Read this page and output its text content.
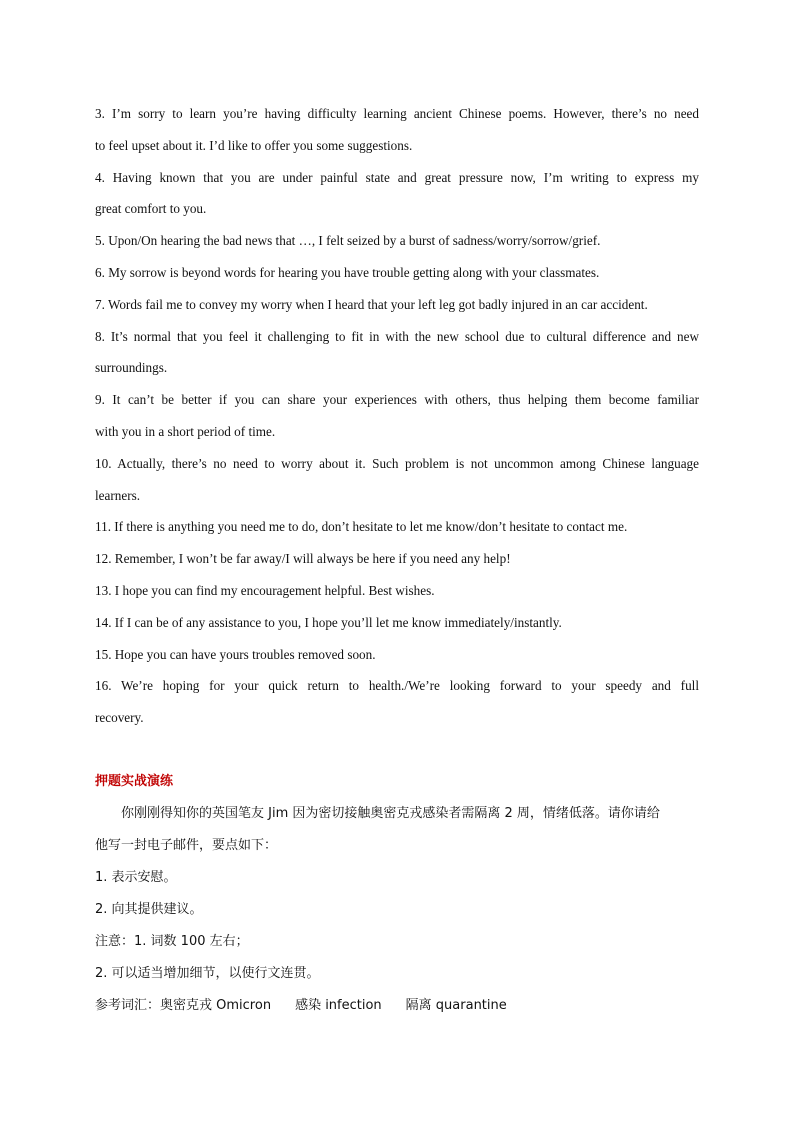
3. I’m sorry to learn you’re having difficulty learning ancient Chinese poems. However, there’s no need
to feel upset about it. I’d like to offer you some suggestions.
4. Having known that you are under painful state and great pressure now, I’m writing to express my
great comfort to you.
5. Upon/On hearing the bad news that …, I felt seized by a burst of sadness/worry/sorrow/grief.
6. My sorrow is beyond words for hearing you have trouble getting along with your classmates.
7. Words fail me to convey my worry when I heard that your left leg got badly injured in an car accident.
8. It’s normal that you feel it challenging to fit in with the new school due to cultural difference and new
surroundings.
9. It can’t be better if you can share your experiences with others, thus helping them become familiar
with you in a short period of time.
10. Actually, there’s no need to worry about it. Such problem is not uncommon among Chinese language
learners.
11. If there is anything you need me to do, don’t hesitate to let me know/don’t hesitate to contact me.
12. Remember, I won’t be far away/I will always be here if you need any help!
13. I hope you can find my encouragement helpful. Best wishes.
14. If I can be of any assistance to you, I hope you’ll let me know immediately/instantly.
15. Hope you can have yours troubles removed soon.
16. We’re hoping for your quick return to health./We’re looking forward to your speedy and full
recovery.
押题实战演练
你刚刚得知你的英国笔友 Jim 因为密切接触奥密克戎感染者需隔离 2 周，情绪低落。请你请给
他写一封电子邮件，要点如下：
1. 表示安慰。
2. 向其提供建议。
注意：1. 词数 100 左右；
2. 可以适当增加细节，以使行文连贯。
参考词汇：奥密克戎 Omicron 感染 infection 隔离 quarantine
